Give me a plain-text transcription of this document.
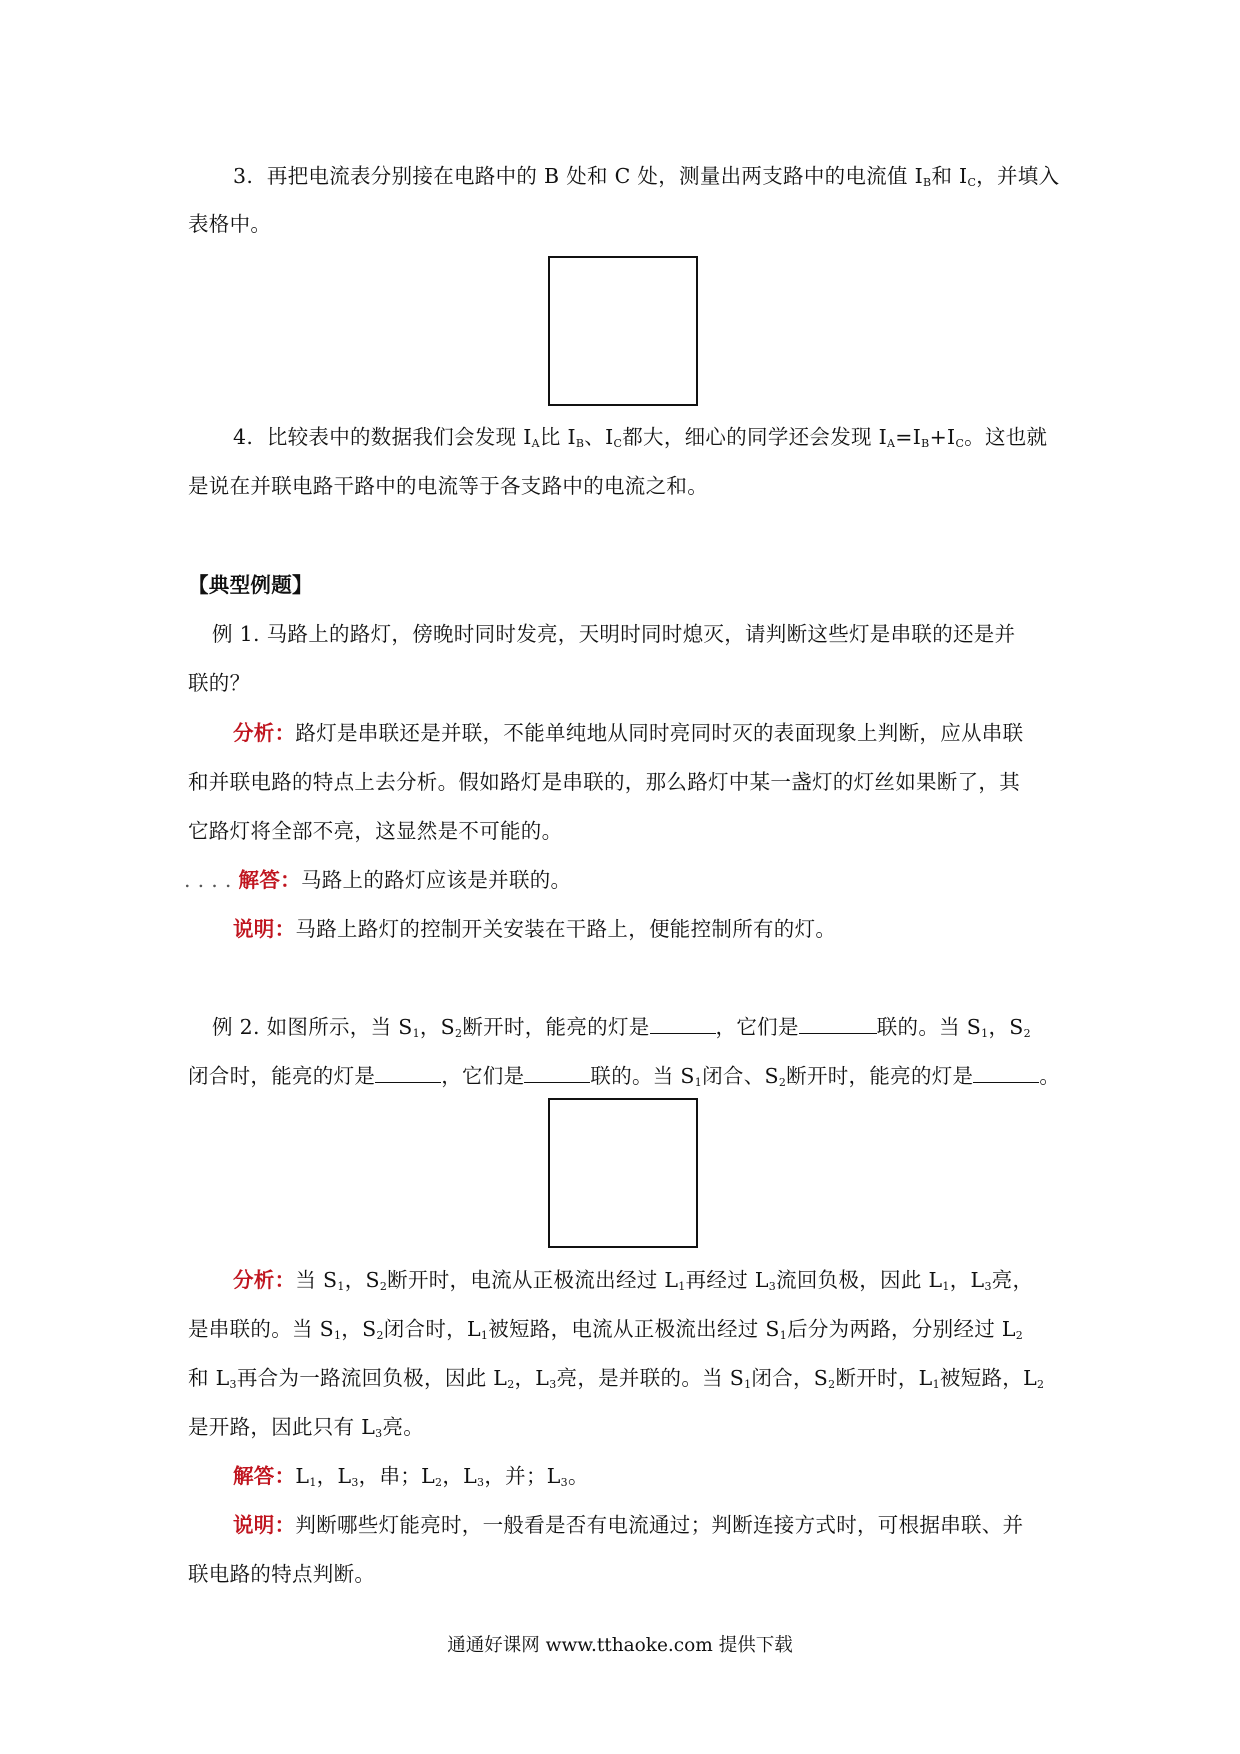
3. 再把电流表分别接在电路中的 B 处和 C 处，测量出两支路中的电流值 $I_B$和 $I_C$，并填入
表格中。
4. 比较表中的数据我们会发现 $I_A$比 $I_B$、$I_C$都大，细心的同学还会发现 $I_A=I_B+I_C$。这也就
是说在并联电路干路中的电流等于各支路中的电流之和。
【典型例题】
例 1. 马路上的路灯，傍晚时同时发亮，天明时同时熄灭，请判断这些灯是串联的还是并
联的？
分析：路灯是串联还是并联，不能单纯地从同时亮同时灭的表面现象上判断，应从串联
和并联电路的特点上去分析。假如路灯是串联的，那么路灯中某一盏灯的灯丝如果断了，其
它路灯将全部不亮，这显然是不可能的。
. . . . 解答：马路上的路灯应该是并联的。
说明：马路上路灯的控制开关安装在干路上，便能控制所有的灯。
例 2. 如图所示，当 $S_1$，$S_2$断开时，能亮的灯是	，它们是	联的。当 $S_1$，$S_2$
闭合时，能亮的灯是	，它们是	联的。当 $S_1$闭合、$S_2$断开时，能亮的灯是	。
分析：当 $S_1$，$S_2$断开时，电流从正极流出经过 $L_1$再经过 $L_3$流回负极，因此 $L_1$，$L_3$亮，
是串联的。当 $S_1$，$S_2$闭合时，$L_1$被短路，电流从正极流出经过 $S_1$后分为两路，分别经过 $L_2$
和 $L_3$再合为一路流回负极，因此 $L_2$，$L_3$亮，是并联的。当 $S_1$闭合，$S_2$断开时，$L_1$被短路，$L_2$
是开路，因此只有 $L_3$亮。
解答：$L_1$，$L_3$，串；$L_2$，$L_3$，并；$L_3$。
说明：判断哪些灯能亮时，一般看是否有电流通过；判断连接方式时，可根据串联、并
联电路的特点判断。
通通好课网 www.tthaoke.com 提供下载
